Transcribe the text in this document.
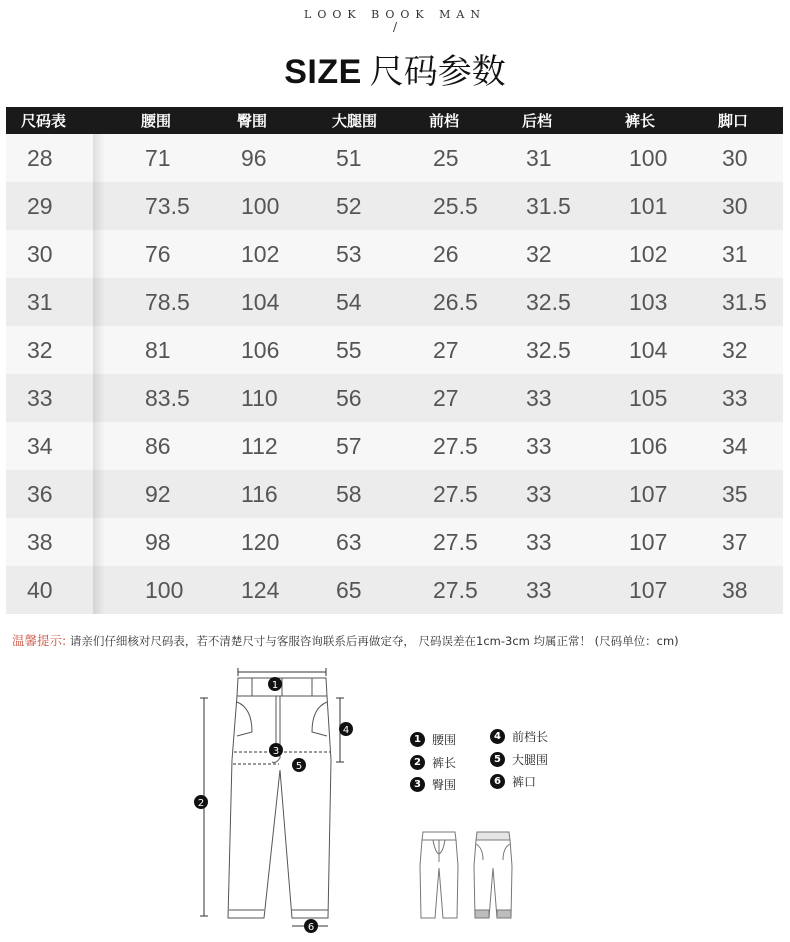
LOOK BOOK MAN
/
SIZE 尺码参数
尺码表	腰围	臀围	大腿围	前档	后档	裤长	脚口
28	71	96	51	25	31	100	30
29	73.5	100	52	25.5	31.5	101	30
30	76	102	53	26	32	102	31
31	78.5	104	54	26.5	32.5	103	31.5
32	81	106	55	27	32.5	104	32
33	83.5	110	56	27	33	105	33
34	86	112	57	27.5	33	106	34
36	92	116	58	27.5	33	107	35
38	98	120	63	27.5	33	107	37
40	100	124	65	27.5	33	107	38
温馨提示: 请亲们仔细核对尺码表，若不清楚尺寸与客服咨询联系后再做定夺， 尺码误差在1cm-3cm 均属正常！ (尺码单位：cm)
1
2
3
4
5
6
1 腰围
2 裤长
3 臀围
4 前档长
5 大腿围
6 裤口
